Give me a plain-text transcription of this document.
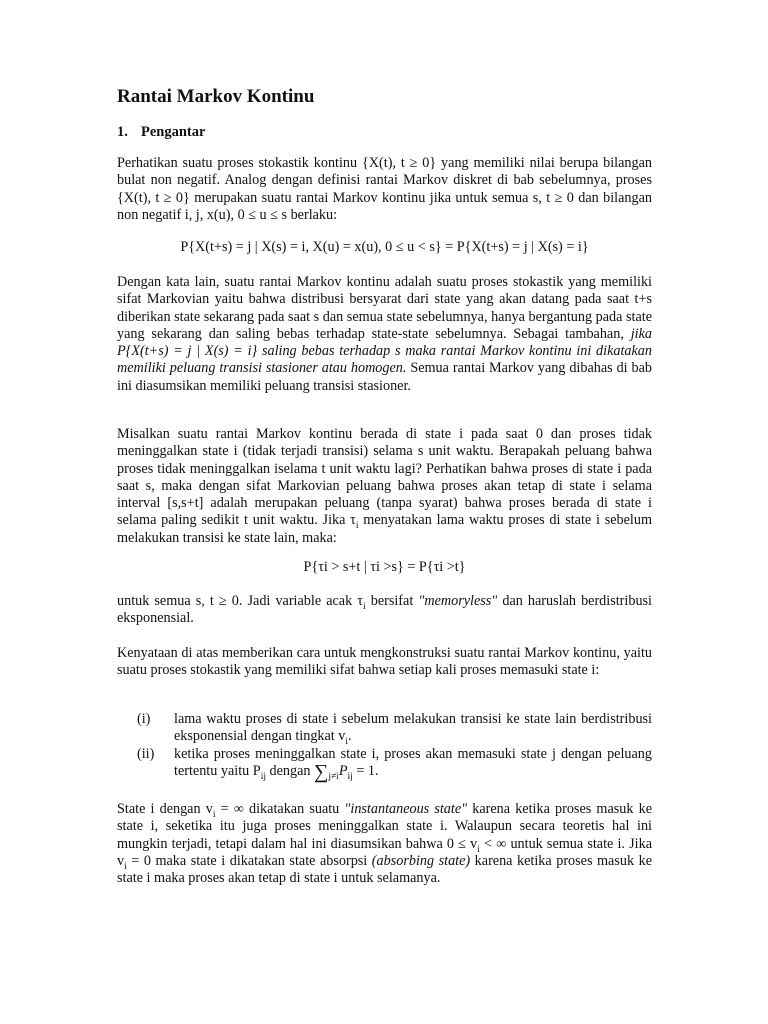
Rantai Markov Kontinu
1. Pengantar

Perhatikan suatu proses stokastik kontinu {X(t), t ≥ 0} yang memiliki nilai berupa bilangan bulat non negatif. Analog dengan definisi rantai Markov diskret di bab sebelumnya, proses {X(t), t ≥ 0} merupakan suatu rantai Markov kontinu jika untuk semua s, t ≥ 0 dan bilangan non negatif i, j, x(u), 0 ≤ u ≤ s berlaku:

P{X(t+s) = j | X(s) = i, X(u) = x(u), 0 ≤ u < s} = P{X(t+s) = j | X(s) = i}

Dengan kata lain, suatu rantai Markov kontinu adalah suatu proses stokastik yang memiliki sifat Markovian yaitu bahwa distribusi bersyarat dari state yang akan datang pada saat t+s diberikan state sekarang pada saat s dan semua state sebelumnya, hanya bergantung pada state yang sekarang dan saling bebas terhadap state-state sebelumnya. Sebagai tambahan, jika P{X(t+s) = j | X(s) = i} saling bebas terhadap s maka rantai Markov kontinu ini dikatakan memiliki peluang transisi stasioner atau homogen. Semua rantai Markov yang dibahas di bab ini diasumsikan memiliki peluang transisi stasioner.

Misalkan suatu rantai Markov kontinu berada di state i pada saat 0 dan proses tidak meninggalkan state i (tidak terjadi transisi) selama s unit waktu. Berapakah peluang bahwa proses tidak meninggalkan iselama t unit waktu lagi? Perhatikan bahwa proses di state i pada saat s, maka dengan sifat Markovian peluang bahwa proses akan tetap di state i selama interval [s,s+t] adalah merupakan peluang (tanpa syarat) bahwa proses berada di state i selama paling sedikit t unit waktu. Jika $\tau_i$ menyatakan lama waktu proses di state i sebelum melakukan transisi ke state lain, maka:

P{τi > s+t | τi >s} = P{τi >t}

untuk semua s, t ≥ 0. Jadi variable acak $\tau_i$ bersifat "memoryless" dan haruslah berdistribusi eksponensial.

Kenyataan di atas memberikan cara untuk mengkonstruksi suatu rantai Markov kontinu, yaitu suatu proses stokastik yang memiliki sifat bahwa setiap kali proses memasuki state i:

(i) lama waktu proses di state i sebelum melakukan transisi ke state lain berdistribusi eksponensial dengan tingkat $v_i$.
(ii) ketika proses meninggalkan state i, proses akan memasuki state j dengan peluang tertentu yaitu $P_{ij}$ dengan $\sum_{j\ne i}P_{ij} = 1$.

State i dengan $v_i$ = ∞ dikatakan suatu "instantaneous state" karena ketika proses masuk ke state i, seketika itu juga proses meninggalkan state i. Walaupun secara teoretis hal ini mungkin terjadi, tetapi dalam hal ini diasumsikan bahwa $0 \le v_i$ < ∞ untuk semua state i. Jika $v_i = 0$ maka state i dikatakan state absorpsi (absorbing state) karena ketika proses masuk ke state i maka proses akan tetap di state i untuk selamanya.
